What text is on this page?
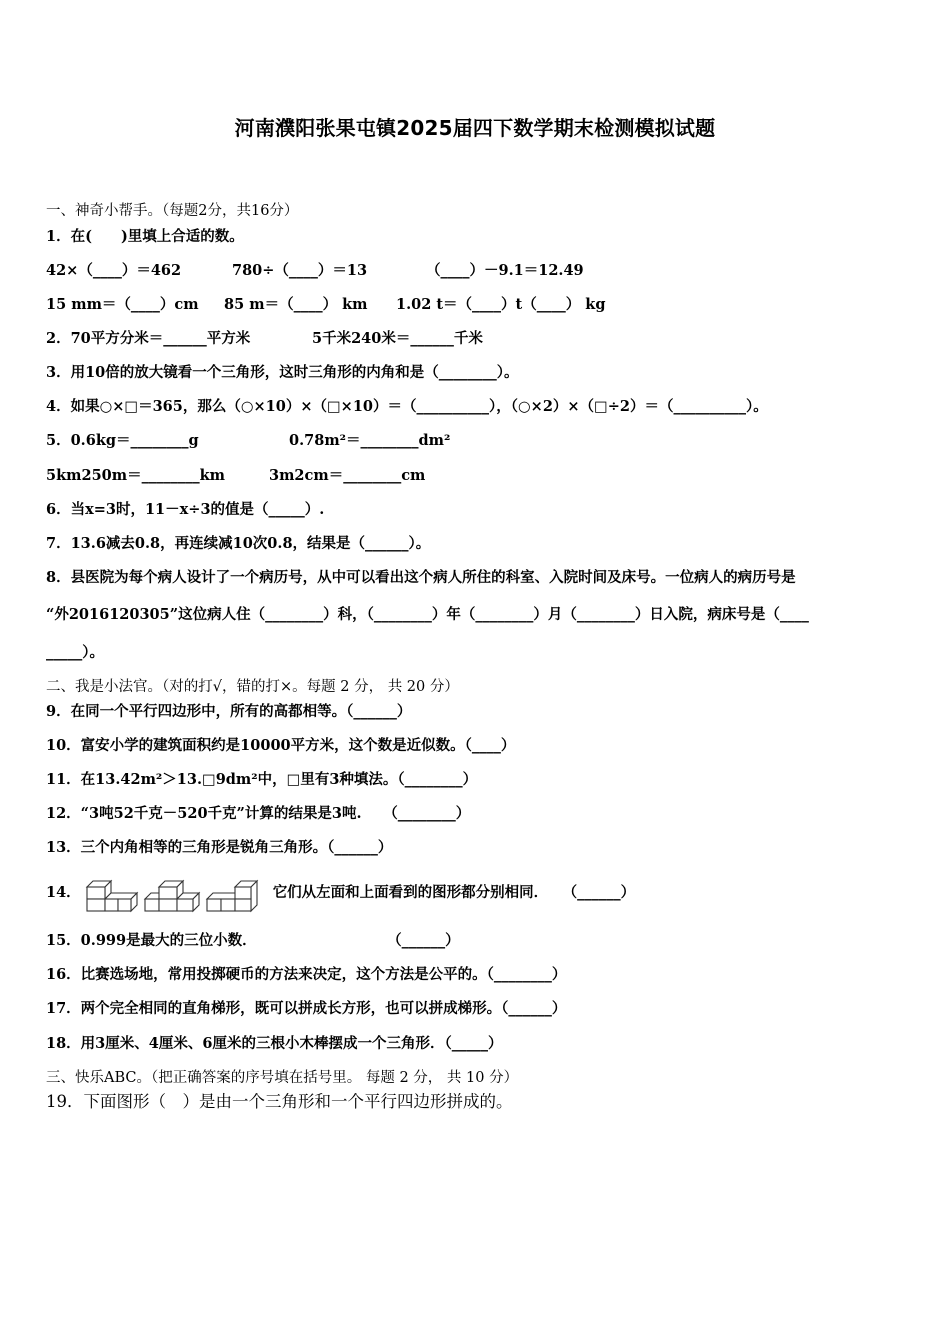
河南濮阳张果屯镇2025届四下数学期末检测模拟试题
一、神奇小帮手。（每题2分，共16分）
1．在(　　)里填上合适的数。
42×（____）＝462	780÷（____）＝13	（____）－9.1＝12.49
15 mm＝（____）cm 85 m＝（____） km 1.02 t＝（____）t（____） kg
2．70平方分米＝______平方米	5千米240米＝______千米
3．用10倍的放大镜看一个三角形，这时三角形的内角和是（________）。
4．如果○×□＝365，那么（○×10）×（□×10）＝（__________），（○×2）×（□÷2）＝（__________）。
5．0.6kg＝________g	0.78m²＝________dm²
5km250m＝________km	3m2cm＝________cm
6．当x=3时，11－x÷3的值是（_____）.
7．13.6减去0.8，再连续减10次0.8，结果是（______）。
8．县医院为每个病人设计了一个病历号，从中可以看出这个病人所住的科室、入院时间及床号。一位病人的病历号是
“外2016120305”这位病人住（________）科，（________）年（________）月（________）日入院，病床号是（____
_____）。
二、我是小法官。（对的打√，错的打×。每题 2 分， 共 20 分）
9．在同一个平行四边形中，所有的高都相等。（______）
10．富安小学的建筑面积约是10000平方米，这个数是近似数。（____）
11．在13.42m²＞13.□9dm²中，□里有3种填法。（________）
12．“3吨52千克－520千克”计算的结果是3吨.　　（________）
13．三个内角相等的三角形是锐角三角形。（______）
14．	它们从左面和上面看到的图形都分别相同．　　（______）
15．0.999是最大的三位小数．　　　　　　　　　　（______）
16．比赛选场地，常用投掷硬币的方法来决定，这个方法是公平的。（________）
17．两个完全相同的直角梯形，既可以拼成长方形，也可以拼成梯形。（______）
18．用3厘米、4厘米、6厘米的三根小木棒摆成一个三角形．（_____）
三、快乐ABC。（把正确答案的序号填在括号里。 每题 2 分， 共 10 分）
19．下面图形（　）是由一个三角形和一个平行四边形拼成的。
